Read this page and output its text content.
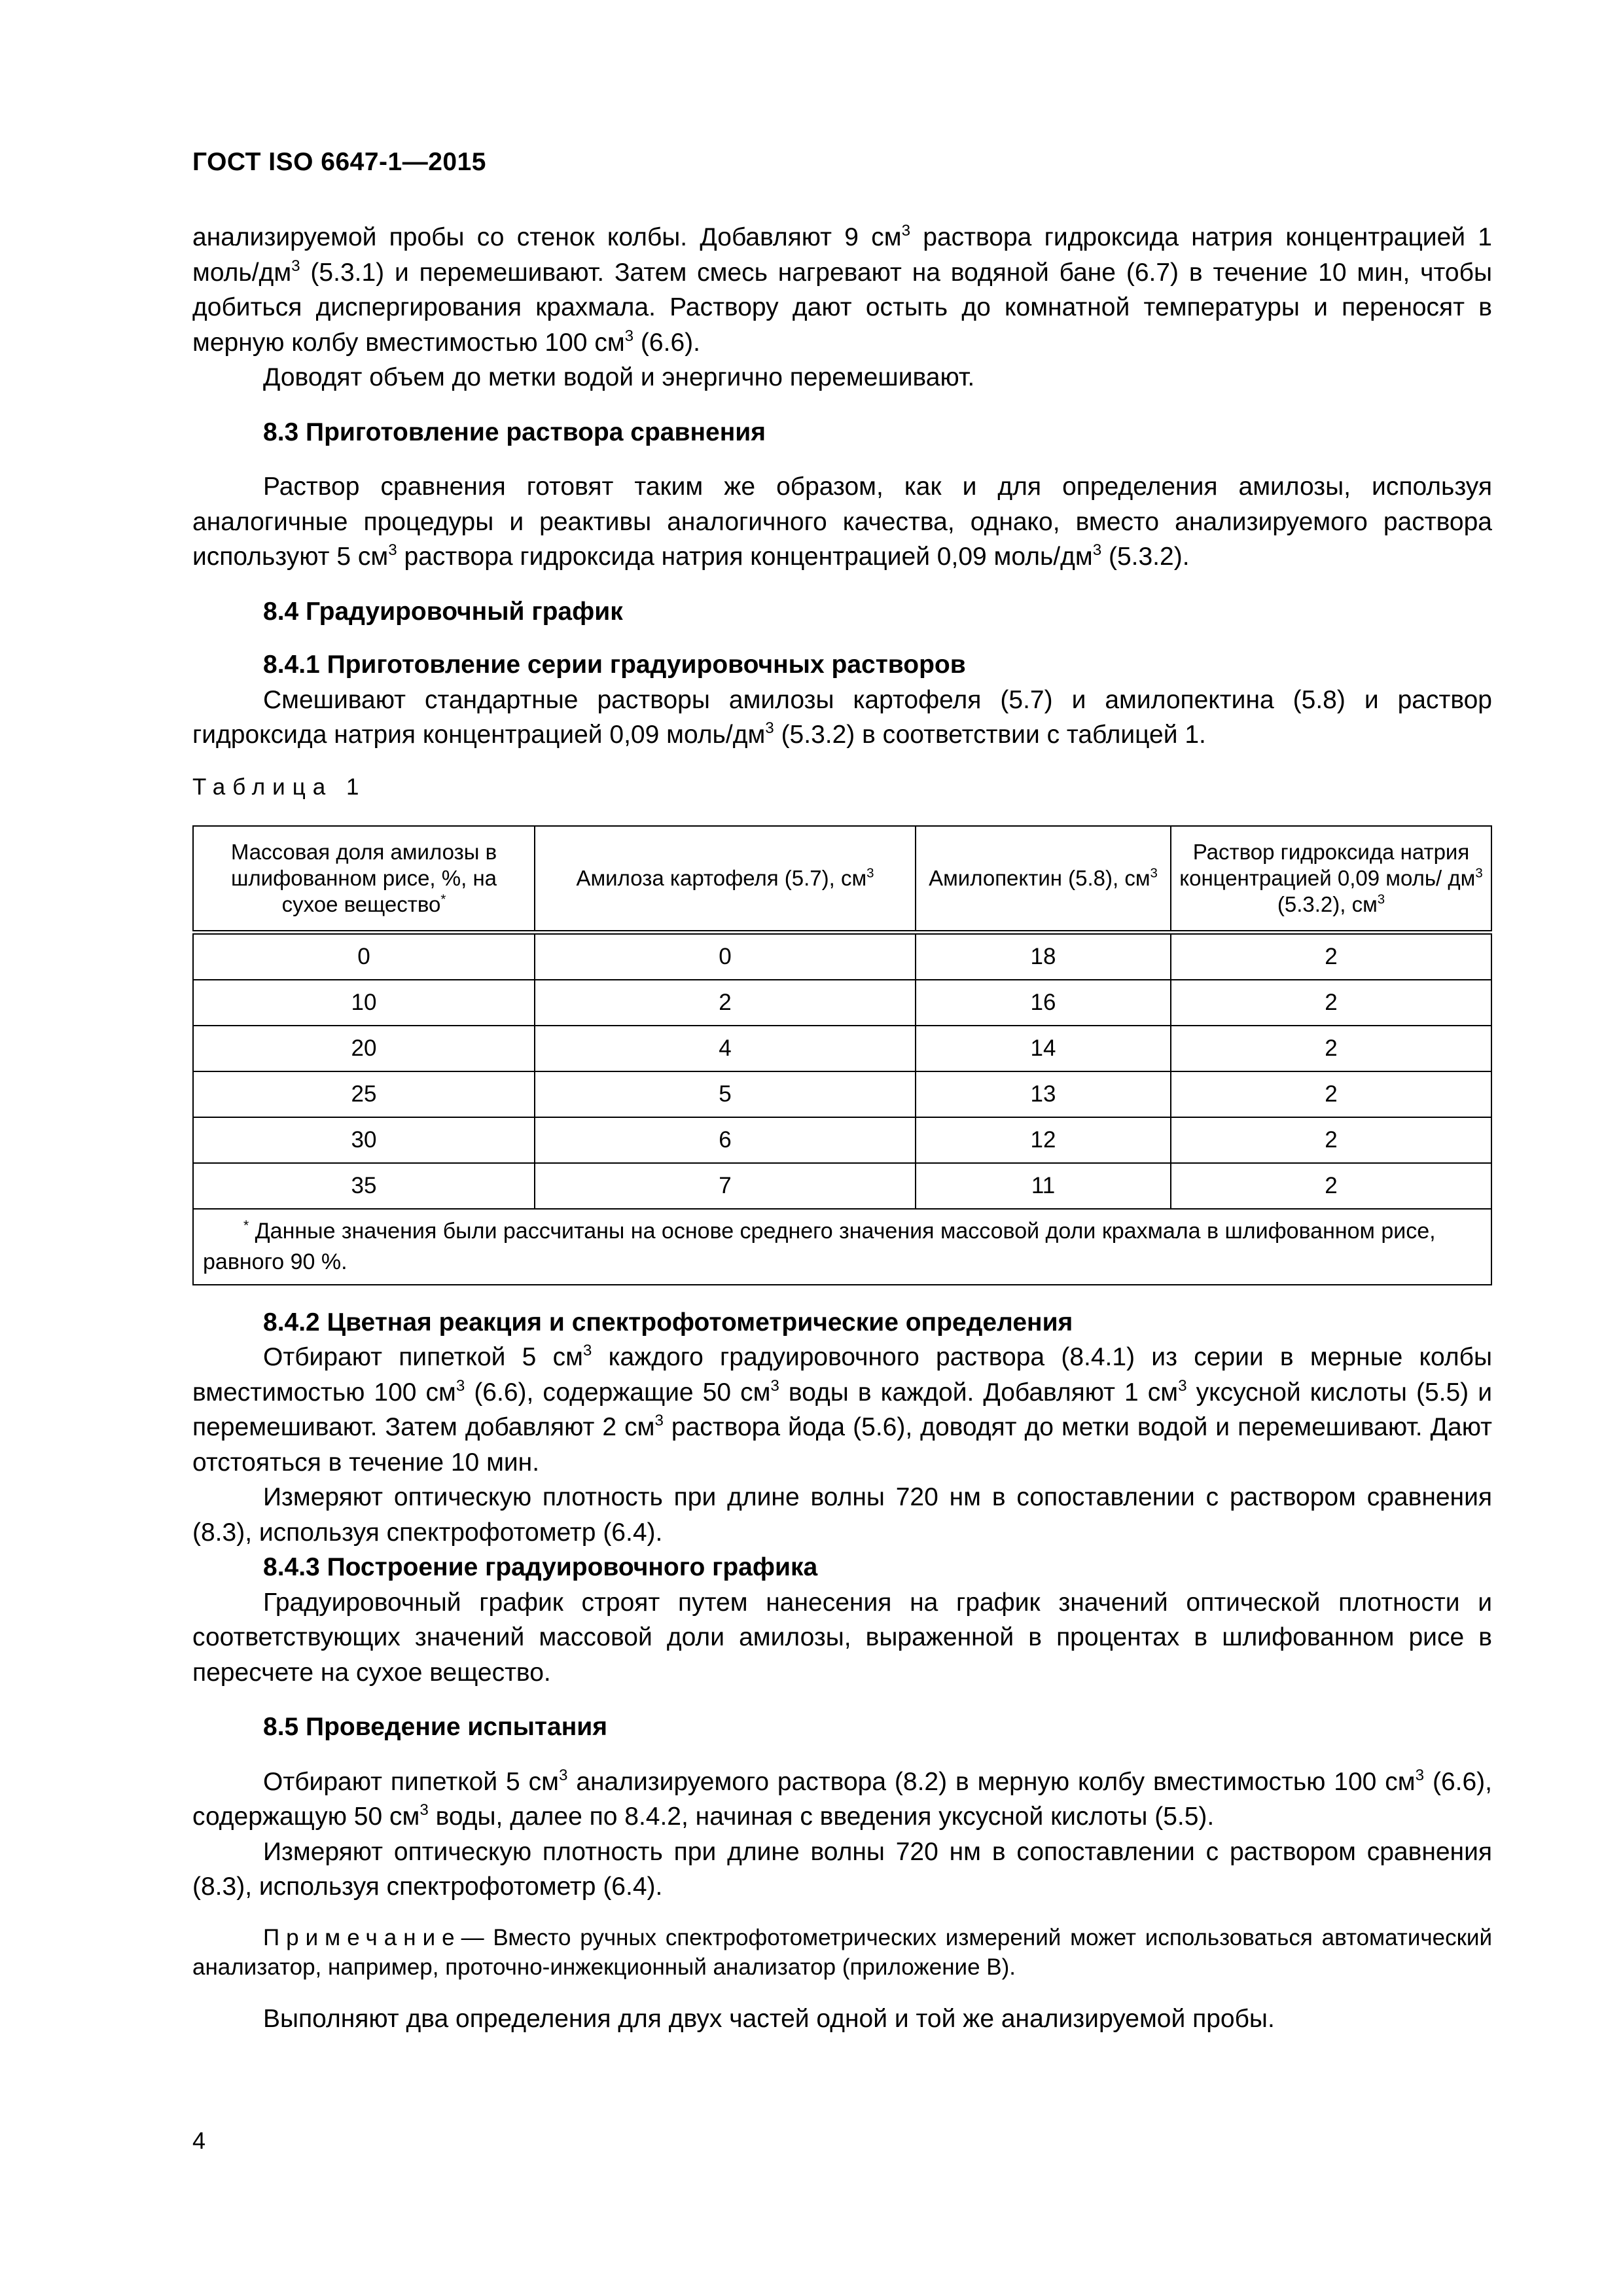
ГОСТ ISO 6647-1—2015

анализируемой пробы со стенок колбы. Добавляют 9 $см^3$ раствора гидроксида натрия концентрацией 1 моль/$дм^3$ (5.3.1) и перемешивают. Затем смесь нагревают на водяной бане (6.7) в течение 10 мин, чтобы добиться диспергирования крахмала. Раствору дают остыть до комнатной температуры и переносят в мерную колбу вместимостью 100 $см^3$ (6.6).

Доводят объем до метки водой и энергично перемешивают.

8.3 Приготовление раствора сравнения

Раствор сравнения готовят таким же образом, как и для определения амилозы, используя аналогичные процедуры и реактивы аналогичного качества, однако, вместо анализируемого раствора используют 5 $см^3$ раствора гидроксида натрия концентрацией 0,09 моль/$дм^3$ (5.3.2).

8.4 Градуировочный график

8.4.1 Приготовление серии градуировочных растворов

Смешивают стандартные растворы амилозы картофеля (5.7) и амилопектина (5.8) и раствор гидроксида натрия концентрацией 0,09 моль/$дм^3$ (5.3.2) в соответствии с таблицей 1.

Таблица 1

Массовая доля амилозы в шлифованном рисе, %, на сухое вещество*	Амилоза картофеля (5.7), $см^3$	Амилопектин (5.8), $см^3$	Раствор гидроксида натрия концентрацией 0,09 моль/ $дм^3$
(5.3.2), $см^3$
0	0	18	2
10	2	16	2
20	4	14	2
25	5	13	2
30	6	12	2
35	7	11	2
* Данные значения были рассчитаны на основе среднего значения массовой доли крахмала в шлифованном рисе, равного 90 %.			

8.4.2 Цветная реакция и спектрофотометрические определения

Отбирают пипеткой 5 $см^3$ каждого градуировочного раствора (8.4.1) из серии в мерные колбы вместимостью 100 $см^3$ (6.6), содержащие 50 $см^3$ воды в каждой. Добавляют 1 $см^3$ уксусной кислоты (5.5) и перемешивают. Затем добавляют 2 $см^3$ раствора йода (5.6), доводят до метки водой и перемешивают. Дают отстояться в течение 10 мин.

Измеряют оптическую плотность при длине волны 720 нм в сопоставлении с раствором сравнения (8.3), используя спектрофотометр (6.4).

8.4.3 Построение градуировочного графика

Градуировочный график строят путем нанесения на график значений оптической плотности и соответствующих значений массовой доли амилозы, выраженной в процентах в шлифованном рисе в пересчете на сухое вещество.

8.5 Проведение испытания

Отбирают пипеткой 5 $см^3$ анализируемого раствора (8.2) в мерную колбу вместимостью 100 $см^3$ (6.6), содержащую 50 $см^3$ воды, далее по 8.4.2, начиная с введения уксусной кислоты (5.5).

Измеряют оптическую плотность при длине волны 720 нм в сопоставлении с раствором сравнения (8.3), используя спектрофотометр (6.4).

Примечание— Вместо ручных спектрофотометрических измерений может использоваться автоматический анализатор, например, проточно-инжекционный анализатор (приложение В).

Выполняют два определения для двух частей одной и той же анализируемой пробы.

4
